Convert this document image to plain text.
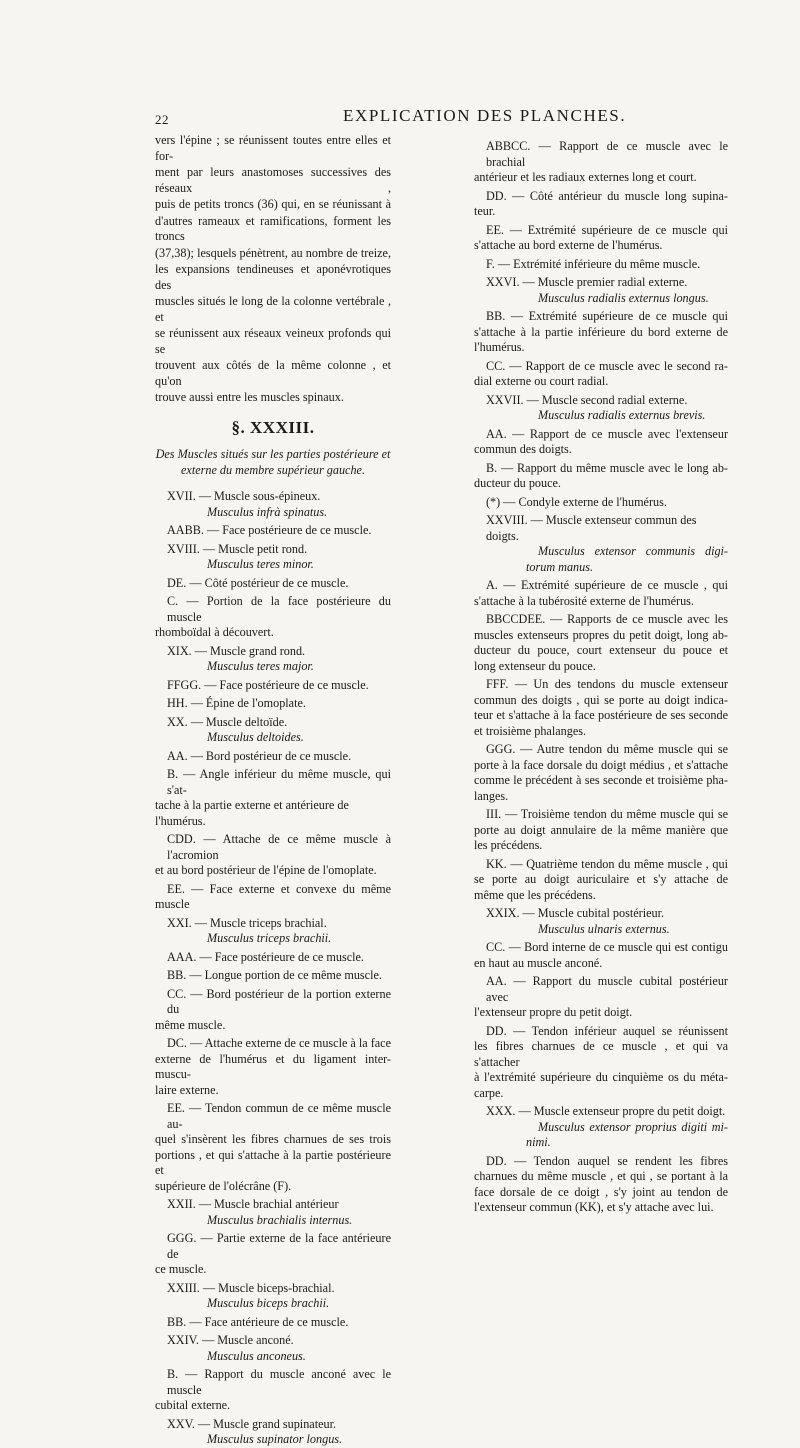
22	EXPLICATION DES PLANCHES.
vers l'épine ; se réunissent toutes entre elles et for-
ment par leurs anastomoses successives des réseaux ,
puis de petits troncs (36) qui, en se réunissant à
d'autres rameaux et ramifications, forment les troncs
(37,38); lesquels pénètrent, au nombre de treize,
les expansions tendineuses et aponévrotiques des
muscles situés le long de la colonne vertébrale , et
se réunissent aux réseaux veineux profonds qui se
trouvent aux côtés de la même colonne , et qu'on
trouve aussi entre les muscles spinaux.
§. XXXIII.
Des Muscles situés sur les parties postérieure et
externe du membre supérieur gauche.
XVII. — Muscle sous-épineux.
Musculus infrà spinatus.
AABB. — Face postérieure de ce muscle.
XVIII. — Muscle petit rond.
Musculus teres minor.
DE. — Côté postérieur de ce muscle.
C. — Portion de la face postérieure du muscle
rhomboïdal à découvert.
XIX. — Muscle grand rond.
Musculus teres major.
FFGG. — Face postérieure de ce muscle.
HH. — Épine de l'omoplate.
XX. — Muscle deltoïde.
Musculus deltoides.
AA. — Bord postérieur de ce muscle.
B. — Angle inférieur du même muscle, qui s'at-
tache à la partie externe et antérieure de l'humérus.
CDD. — Attache de ce même muscle à l'acromion
et au bord postérieur de l'épine de l'omoplate.
EE. — Face externe et convexe du même
muscle
XXI. — Muscle triceps brachial.
Musculus triceps brachii.
AAA. — Face postérieure de ce muscle.
BB. — Longue portion de ce même muscle.
CC. — Bord postérieur de la portion externe du
même muscle.
DC. — Attache externe de ce muscle à la face
externe de l'humérus et du ligament inter-muscu-
laire externe.
EE. — Tendon commun de ce même muscle au-
quel s'insèrent les fibres charnues de ses trois
portions , et qui s'attache à la partie postérieure et
supérieure de l'olécrâne (F).
XXII. — Muscle brachial antérieur
Musculus brachialis internus.
GGG. — Partie externe de la face antérieure de
ce muscle.
XXIII. — Muscle biceps-brachial.
Musculus biceps brachii.
BB. — Face antérieure de ce muscle.
XXIV. — Muscle anconé.
Musculus anconeus.
B. — Rapport du muscle anconé avec le muscle
cubital externe.
XXV. — Muscle grand supinateur.
Musculus supinator longus.
ABBCC. — Rapport de ce muscle avec le brachial
antérieur et les radiaux externes long et court.
DD. — Côté antérieur du muscle long supina-
teur.
EE. — Extrémité supérieure de ce muscle qui
s'attache au bord externe de l'humérus.
F. — Extrémité inférieure du même muscle.
XXVI. — Muscle premier radial externe.
Musculus radialis externus longus.
BB. — Extrémité supérieure de ce muscle qui
s'attache à la partie inférieure du bord externe de
l'humérus.
CC. — Rapport de ce muscle avec le second ra-
dial externe ou court radial.
XXVII. — Muscle second radial externe.
Musculus radialis externus brevis.
AA. — Rapport de ce muscle avec l'extenseur
commun des doigts.
B. — Rapport du même muscle avec le long ab-
ducteur du pouce.
(*) — Condyle externe de l'humérus.
XXVIII. — Muscle extenseur commun des doigts.
Musculus extensor communis digi-
torum manus.
A. — Extrémité supérieure de ce muscle , qui
s'attache à la tubérosité externe de l'humérus.
BBCCDEE. — Rapports de ce muscle avec les
muscles extenseurs propres du petit doigt, long ab-
ducteur du pouce, court extenseur du pouce et
long extenseur du pouce.
FFF. — Un des tendons du muscle extenseur
commun des doigts , qui se porte au doigt indica-
teur et s'attache à la face postérieure de ses seconde
et troisième phalanges.
GGG. — Autre tendon du même muscle qui se
porte à la face dorsale du doigt médius , et s'attache
comme le précédent à ses seconde et troisième pha-
langes.
III. — Troisième tendon du même muscle qui se
porte au doigt annulaire de la même manière que
les précédens.
KK. — Quatrième tendon du même muscle , qui
se porte au doigt auriculaire et s'y attache de
même que les précédens.
XXIX. — Muscle cubital postérieur.
Musculus ulnaris externus.
CC. — Bord interne de ce muscle qui est contigu
en haut au muscle anconé.
AA. — Rapport du muscle cubital postérieur avec
l'extenseur propre du petit doigt.
DD. — Tendon inférieur auquel se réunissent
les fibres charnues de ce muscle , et qui va s'attacher
à l'extrémité supérieure du cinquième os du méta-
carpe.
XXX. — Muscle extenseur propre du petit doigt.
Musculus extensor proprius digiti mi-
nimi.
DD. — Tendon auquel se rendent les fibres
charnues du même muscle , et qui , se portant à la
face dorsale de ce doigt , s'y joint au tendon de
l'extenseur commun (KK), et s'y attache avec lui.
